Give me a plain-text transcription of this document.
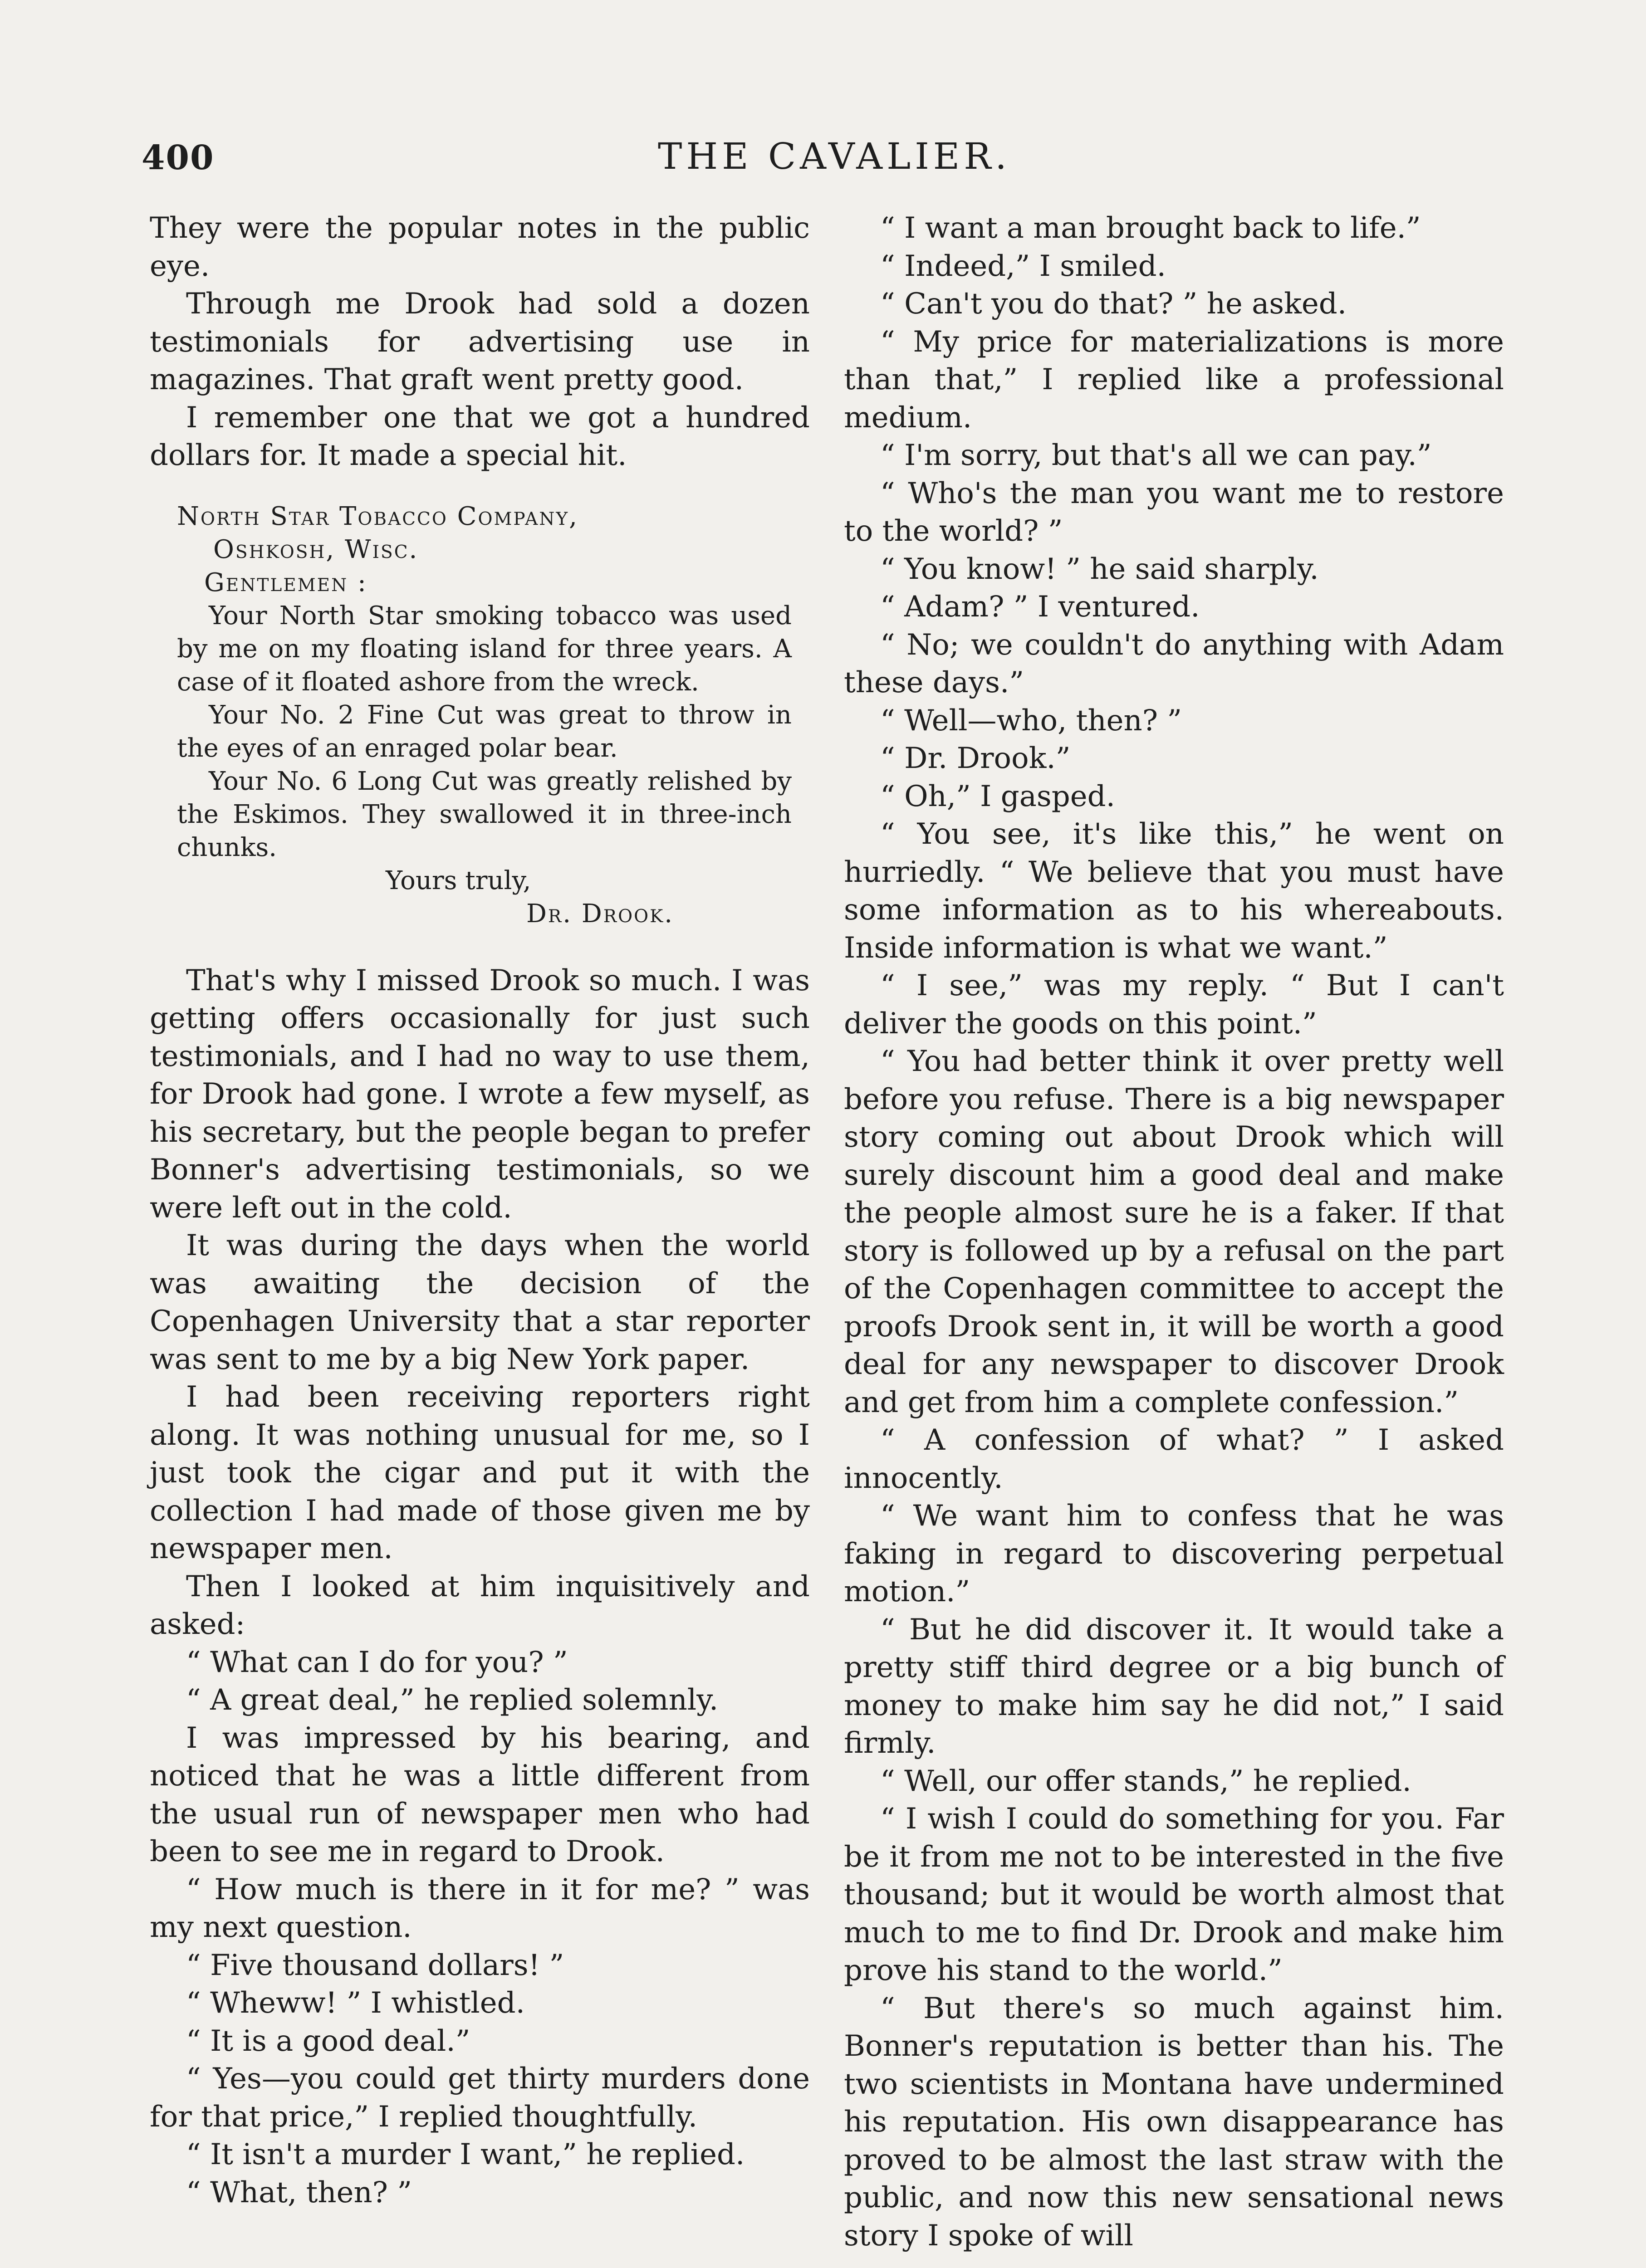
400	THE CAVALIER.

They were the popular notes in the public eye.

Through me Drook had sold a dozen testimonials for advertising use in magazines. That graft went pretty good.

I remember one that we got a hundred dollars for. It made a special hit.

North Star Tobacco Company,
Oshkosh, Wisc.
Gentlemen :

Your North Star smoking tobacco was used by me on my floating island for three years. A case of it floated ashore from the wreck.

Your No. 2 Fine Cut was great to throw in the eyes of an enraged polar bear.

Your No. 6 Long Cut was greatly relished by the Eskimos. They swallowed it in three-inch chunks.

Yours truly,
Dr. Drook.

That's why I missed Drook so much. I was getting offers occasionally for just such testimonials, and I had no way to use them, for Drook had gone. I wrote a few myself, as his secretary, but the people began to prefer Bonner's advertising testimonials, so we were left out in the cold.

It was during the days when the world was awaiting the decision of the Copenhagen University that a star reporter was sent to me by a big New York paper.

I had been receiving reporters right along. It was nothing unusual for me, so I just took the cigar and put it with the collection I had made of those given me by newspaper men.

Then I looked at him inquisitively and asked:

“ What can I do for you? ”

“ A great deal,” he replied solemnly.

I was impressed by his bearing, and noticed that he was a little different from the usual run of newspaper men who had been to see me in regard to Drook.

“ How much is there in it for me? ” was my next question.

“ Five thousand dollars! ”

“ Wheww! ” I whistled.

“ It is a good deal.”

“ Yes—you could get thirty murders done for that price,” I replied thoughtfully.

“ It isn't a murder I want,” he replied.

“ What, then? ”

“ I want a man brought back to life.”

“ Indeed,” I smiled.

“ Can't you do that? ” he asked.

“ My price for materializations is more than that,” I replied like a professional medium.

“ I'm sorry, but that's all we can pay.”

“ Who's the man you want me to restore to the world? ”

“ You know! ” he said sharply.

“ Adam? ” I ventured.

“ No; we couldn't do anything with Adam these days.”

“ Well—who, then? ”

“ Dr. Drook.”

“ Oh,” I gasped.

“ You see, it's like this,” he went on hurriedly. “ We believe that you must have some information as to his whereabouts. Inside information is what we want.”

“ I see,” was my reply. “ But I can't deliver the goods on this point.”

“ You had better think it over pretty well before you refuse. There is a big newspaper story coming out about Drook which will surely discount him a good deal and make the people almost sure he is a faker. If that story is followed up by a refusal on the part of the Copenhagen committee to accept the proofs Drook sent in, it will be worth a good deal for any newspaper to discover Drook and get from him a complete confession.”

“ A confession of what? ” I asked innocently.

“ We want him to confess that he was faking in regard to discovering perpetual motion.”

“ But he did discover it. It would take a pretty stiff third degree or a big bunch of money to make him say he did not,” I said firmly.

“ Well, our offer stands,” he replied.

“ I wish I could do something for you. Far be it from me not to be interested in the five thousand; but it would be worth almost that much to me to find Dr. Drook and make him prove his stand to the world.”

“ But there's so much against him. Bonner's reputation is better than his. The two scientists in Montana have undermined his reputation. His own disappearance has proved to be almost the last straw with the public, and now this new sensational news story I spoke of will
